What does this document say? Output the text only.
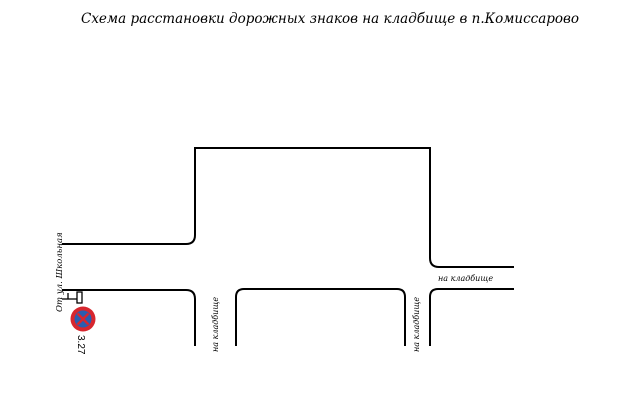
Схема расстановки дорожных знаков на кладбище в п.Комиссарово
От ул. Школьная
на кладбище	на кладбище
на кладбище
3.27
